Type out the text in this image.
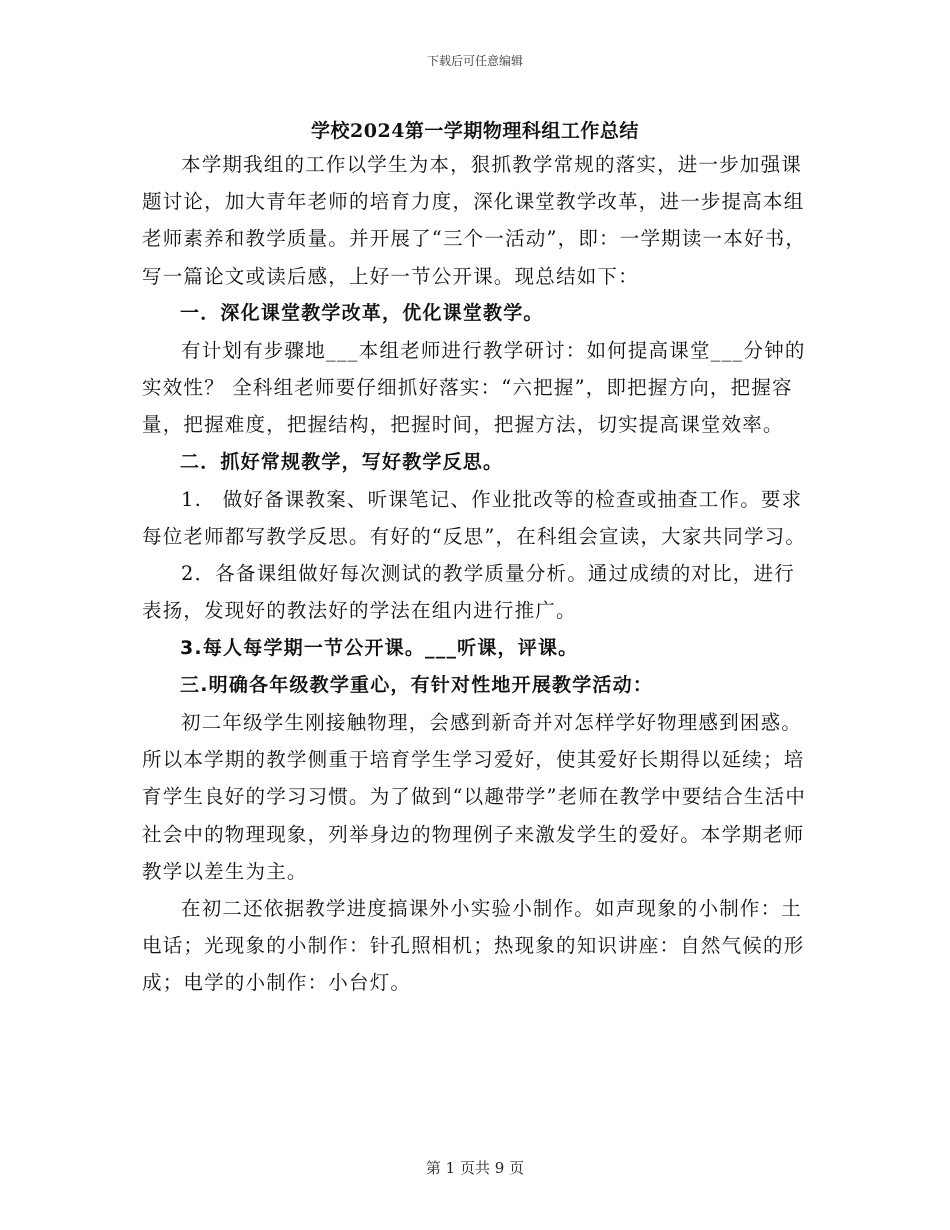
下载后可任意编辑
学校2024第一学期物理科组工作总结

本学期我组的工作以学生为本，狠抓教学常规的落实，进一步加强课题讨论，加大青年老师的培育力度，深化课堂教学改革，进一步提高本组老师素养和教学质量。并开展了“三个一活动”，即：一学期读一本好书，写一篇论文或读后感，上好一节公开课。现总结如下：

一．深化课堂教学改革，优化课堂教学。

有计划有步骤地___本组老师进行教学研讨：如何提高课堂___分钟的实效性？ 全科组老师要仔细抓好落实：“六把握”，即把握方向，把握容量，把握难度，把握结构，把握时间，把握方法，切实提高课堂效率。

二．抓好常规教学，写好教学反思。

1.　做好备课教案、听课笔记、作业批改等的检查或抽查工作。要求每位老师都写教学反思。有好的“反思”，在科组会宣读，大家共同学习。

2．各备课组做好每次测试的教学质量分析。通过成绩的对比，进行表扬，发现好的教法好的学法在组内进行推广。

3.每人每学期一节公开课。___听课，评课。

三.明确各年级教学重心，有针对性地开展教学活动：

初二年级学生刚接触物理，会感到新奇并对怎样学好物理感到困惑。所以本学期的教学侧重于培育学生学习爱好，使其爱好长期得以延续；培育学生良好的学习习惯。为了做到“以趣带学”老师在教学中要结合生活中社会中的物理现象，列举身边的物理例子来激发学生的爱好。本学期老师教学以差生为主。

在初二还依据教学进度搞课外小实验小制作。如声现象的小制作：土电话；光现象的小制作：针孔照相机；热现象的知识讲座：自然气候的形成；电学的小制作：小台灯。

第 1 页共 9 页
